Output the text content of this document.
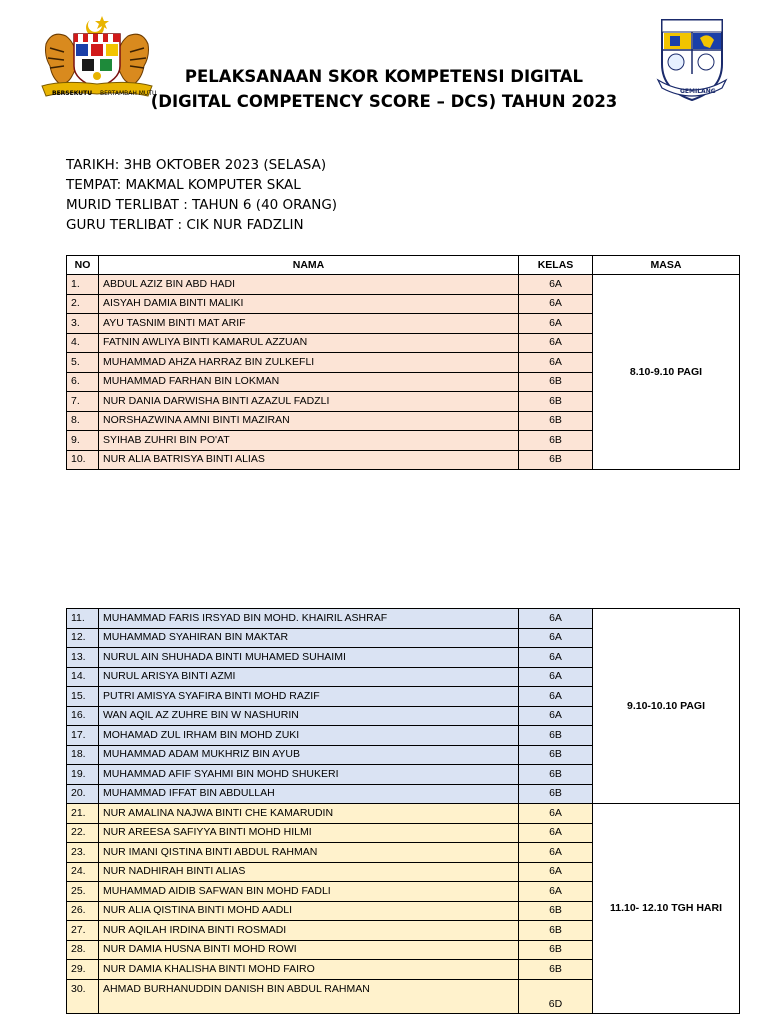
BERSEKUTU BERTAMBAH MUTU	GEMILANG
PELAKSANAAN SKOR KOMPETENSI DIGITAL
(DIGITAL COMPETENCY SCORE – DCS) TAHUN 2023
TARIKH: 3HB OKTOBER 2023 (SELASA)
TEMPAT: MAKMAL KOMPUTER SKAL
MURID TERLIBAT : TAHUN 6 (40 ORANG)
GURU TERLIBAT : CIK NUR FADZLIN
NO	NAMA	KELAS	MASA
1.	ABDUL AZIZ BIN ABD HADI	6A	8.10-9.10 PAGI
2.	AISYAH DAMIA BINTI MALIKI	6A	
3.	AYU TASNIM BINTI MAT ARIF	6A	
4.	FATNIN AWLIYA BINTI KAMARUL AZZUAN	6A	
5.	MUHAMMAD AHZA HARRAZ BIN ZULKEFLI	6A	
6.	MUHAMMAD FARHAN BIN LOKMAN	6B	
7.	NUR DANIA DARWISHA BINTI AZAZUL FADZLI	6B	
8.	NORSHAZWINA AMNI BINTI MAZIRAN	6B	
9.	SYIHAB ZUHRI BIN PO'AT	6B	
10.	NUR ALIA BATRISYA BINTI ALIAS	6B	
11.	MUHAMMAD FARIS IRSYAD BIN MOHD. KHAIRIL ASHRAF	6A	9.10-10.10 PAGI
12.	MUHAMMAD SYAHIRAN BIN MAKTAR	6A	
13.	NURUL AIN SHUHADA BINTI MUHAMED SUHAIMI	6A	
14.	NURUL ARISYA BINTI AZMI	6A	
15.	PUTRI AMISYA SYAFIRA BINTI MOHD RAZIF	6A	
16.	WAN AQIL AZ ZUHRE BIN W NASHURIN	6A	
17.	MOHAMAD ZUL IRHAM BIN MOHD ZUKI	6B	
18.	MUHAMMAD ADAM MUKHRIZ BIN AYUB	6B	
19.	MUHAMMAD AFIF SYAHMI BIN MOHD SHUKERI	6B	
20.	MUHAMMAD IFFAT BIN ABDULLAH	6B	
21.	NUR AMALINA NAJWA BINTI CHE KAMARUDIN	6A	11.10- 12.10 TGH HARI
22.	NUR AREESA SAFIYYA BINTI MOHD HILMI	6A	
23.	NUR IMANI QISTINA BINTI ABDUL RAHMAN	6A	
24.	NUR NADHIRAH BINTI ALIAS	6A	
25.	MUHAMMAD AIDIB SAFWAN BIN MOHD FADLI	6A	
26.	NUR ALIA QISTINA BINTI MOHD AADLI	6B	
27.	NUR AQILAH IRDINA BINTI ROSMADI	6B	
28.	NUR DAMIA HUSNA BINTI MOHD ROWI	6B	
29.	NUR DAMIA KHALISHA BINTI MOHD FAIRO	6B	
30.	AHMAD BURHANUDDIN DANISH BIN ABDUL RAHMAN	6D	
